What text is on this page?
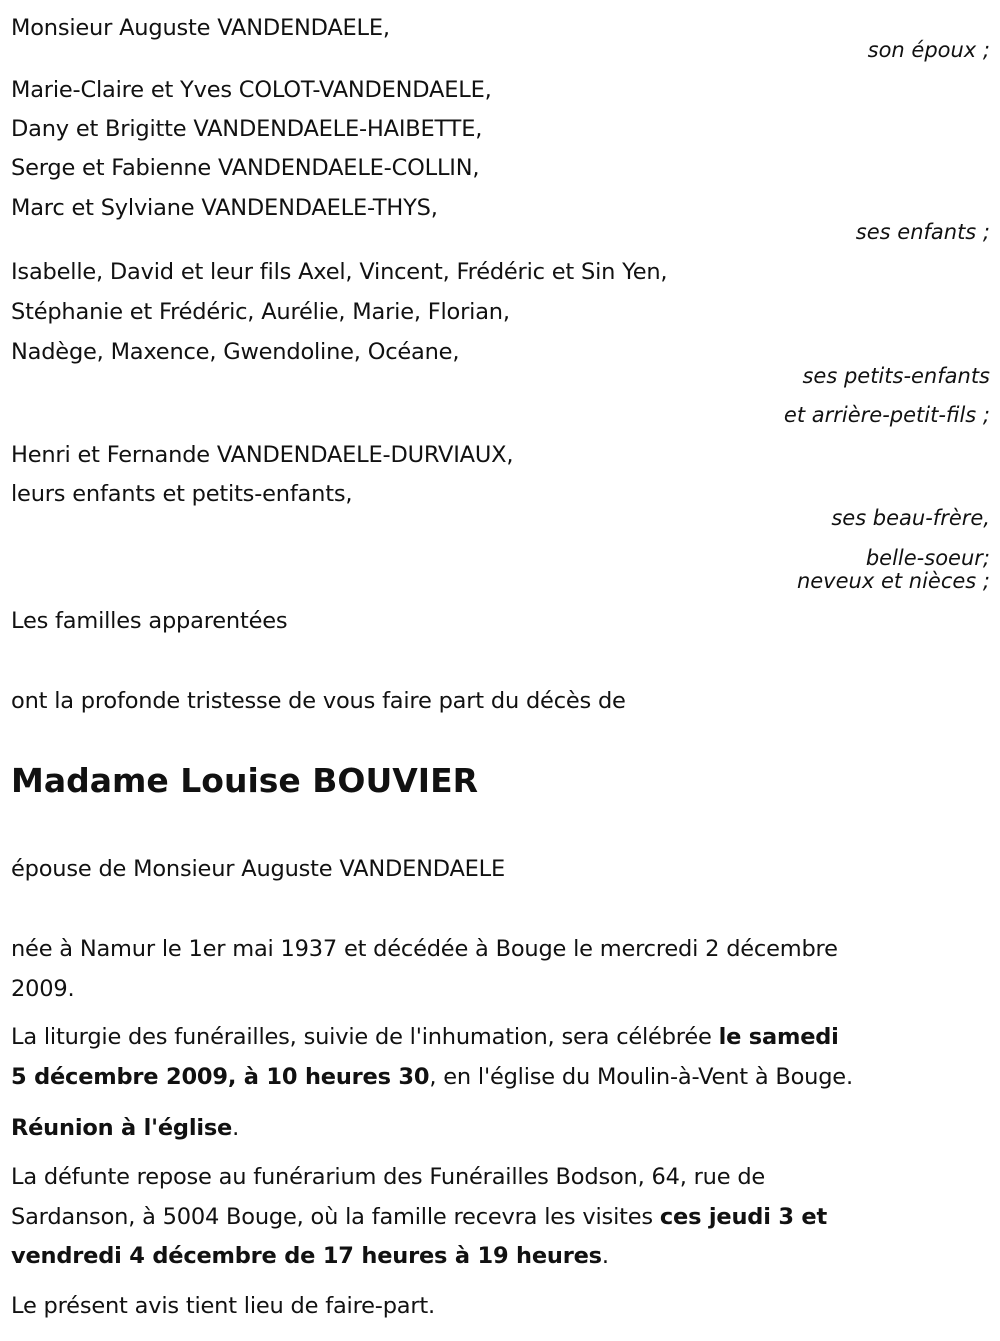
Monsieur Auguste VANDENDAELE,
son époux ;
Marie-Claire et Yves COLOT-VANDENDAELE,
Dany et Brigitte VANDENDAELE-HAIBETTE,
Serge et Fabienne VANDENDAELE-COLLIN,
Marc et Sylviane VANDENDAELE-THYS,
ses enfants ;
Isabelle, David et leur fils Axel, Vincent, Frédéric et Sin Yen,
Stéphanie et Frédéric, Aurélie, Marie, Florian,
Nadège, Maxence, Gwendoline, Océane,
ses petits-enfants
et arrière-petit-fils ;
Henri et Fernande VANDENDAELE-DURVIAUX,
leurs enfants et petits-enfants,
ses beau-frère,
belle-soeur;
neveux et nièces ;
Les familles apparentées
ont la profonde tristesse de vous faire part du décès de
Madame Louise BOUVIER
épouse de Monsieur Auguste VANDENDAELE
née à Namur le 1er mai 1937 et décédée à Bouge le mercredi 2 décembre
2009.
La liturgie des funérailles, suivie de l'inhumation, sera célébrée le samedi
5 décembre 2009, à 10 heures 30, en l'église du Moulin-à-Vent à Bouge.
Réunion à l'église.
La défunte repose au funérarium des Funérailles Bodson, 64, rue de
Sardanson, à 5004 Bouge, où la famille recevra les visites ces jeudi 3 et
vendredi 4 décembre de 17 heures à 19 heures.
Le présent avis tient lieu de faire-part.
